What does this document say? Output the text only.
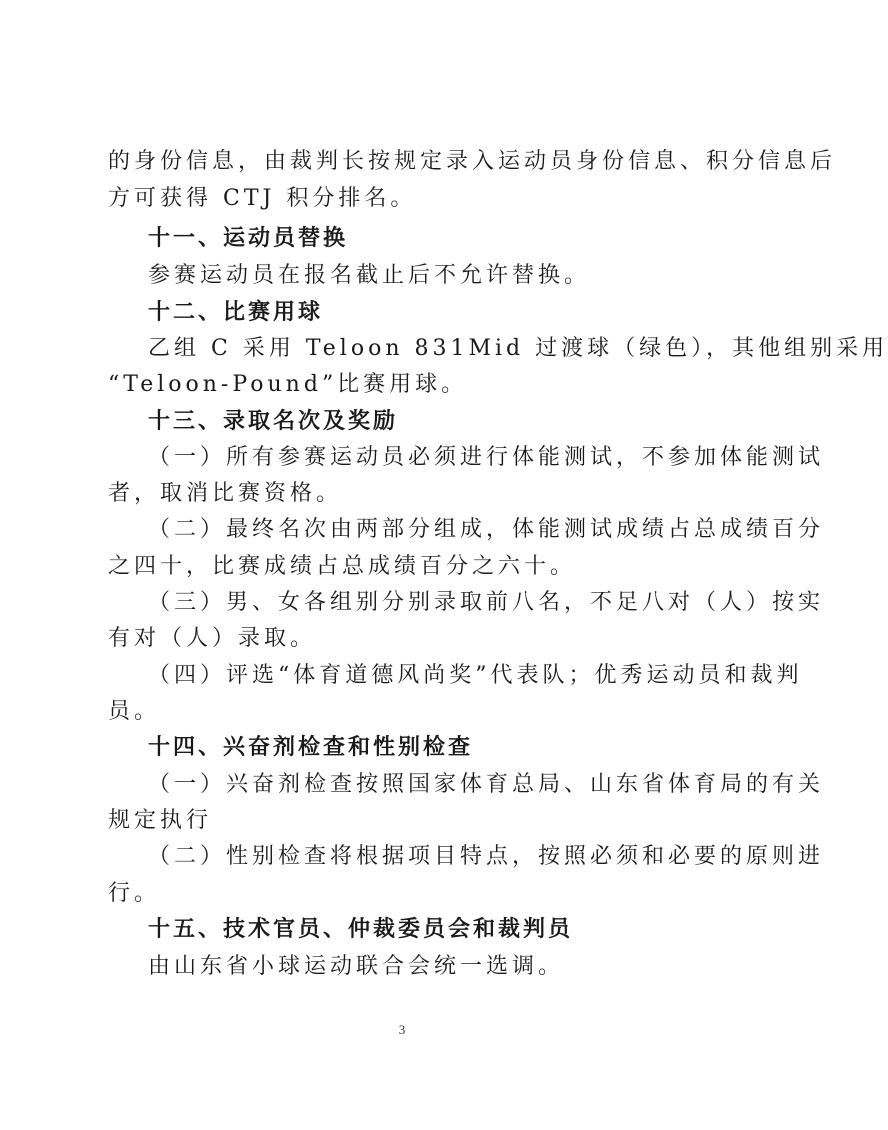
的身份信息，由裁判长按规定录入运动员身份信息、积分信息后
方可获得 CTJ 积分排名。
十一、运动员替换
参赛运动员在报名截止后不允许替换。
十二、比赛用球
乙组 C 采用 Teloon 831Mid 过渡球（绿色），其他组别采用
“Teloon-Pound”比赛用球。
十三、录取名次及奖励
（一）所有参赛运动员必须进行体能测试，不参加体能测试
者，取消比赛资格。
（二）最终名次由两部分组成，体能测试成绩占总成绩百分
之四十，比赛成绩占总成绩百分之六十。
（三）男、女各组别分别录取前八名，不足八对（人）按实
有对（人）录取。
（四）评选“体育道德风尚奖”代表队；优秀运动员和裁判
员。
十四、兴奋剂检查和性别检查
（一）兴奋剂检查按照国家体育总局、山东省体育局的有关
规定执行
（二）性别检查将根据项目特点，按照必须和必要的原则进
行。
十五、技术官员、仲裁委员会和裁判员
由山东省小球运动联合会统一选调。
3
